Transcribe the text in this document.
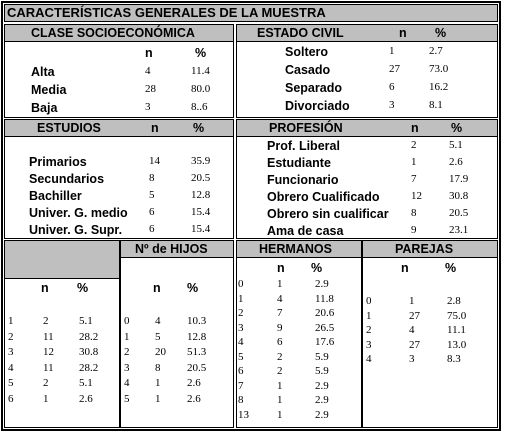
CARACTERÍSTICAS GENERALES DE LA MUESTRA
CLASE SOCIOECONÓMICA
n	%
Alta	4	11.4
Media	28	80.0
Baja	3	8..6
ESTADO CIVIL	n %
Soltero	1	2.7
Casado	27	73.0
Separado	6	16.2
Divorciado	3	8.1
ESTUDIOS	n	%
Primarios	14	35.9
Secundarios	8	20.5
Bachiller	5	12.8
Univer. G. medio 6	15.4
Univer. G. Supr. 6	15.4
PROFESIÓN	n	%
Prof. Liberal	2	5.1
Estudiante	1	2.6
Funcionario	7	17.9
Obrero Cualificado	12 30.8
Obrero sin cualificar 8	20.5
Ama de casa	9	23.1
n %
1	2	5.1
2	11 28.2
3	12 30.8
4	11 28.2
5	2	5.1
6	1	2.6
Nº de HIJOS
n %
0 4 10.3
1 5 12.8
2 20 51.3
3 8 20.5
4 1 2.6
5 1 2.6
HERMANOS
n %
0	1	2.9
1	4	11.8
2	7	20.6
3	9	26.5
4	6	17.6
5	2	5.9
6	2	5.9
7	1	2.9
8	1	2.9
13	1	2.9
PAREJAS
n	%
0	1	2.8
1	27 75.0
2	4	11.1
3	27 13.0
4	3	8.3
